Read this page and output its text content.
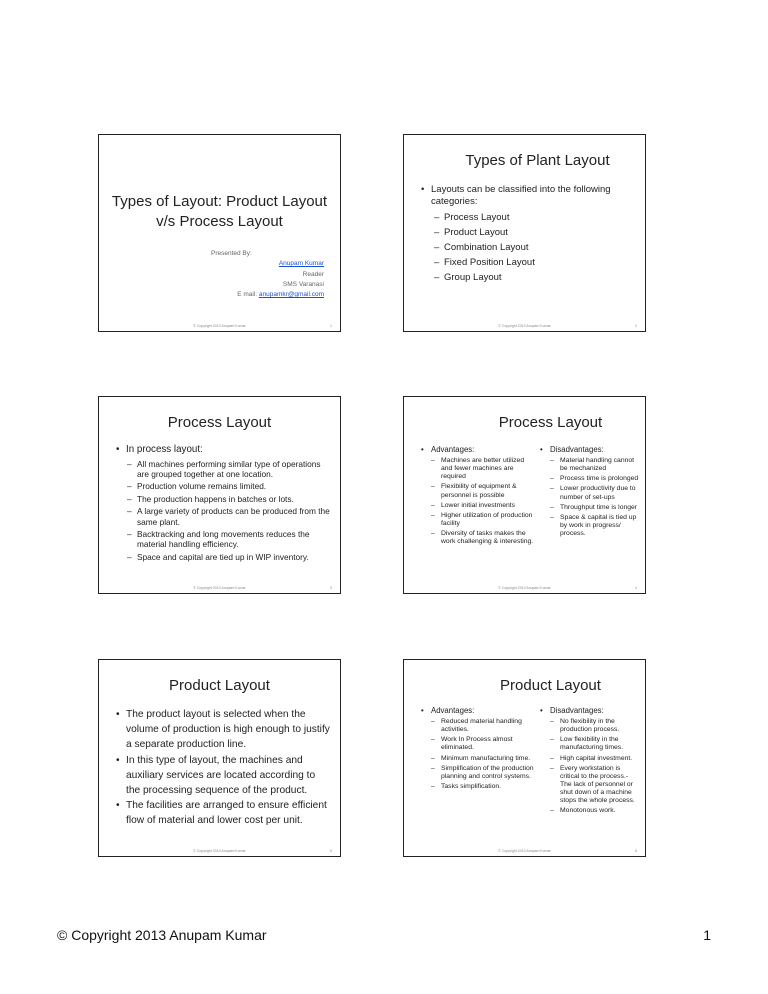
Types of Layout: Product Layout
v/s Process Layout
Presented By:
Anupam Kumar
Reader
SMS Varanasi
E mail: anupamkr@gmail.com
© Copyright 2013 Anupam Kumar	1
Types of Plant Layout
• Layouts can be classified into the following categories:
– Process Layout
– Product Layout
– Combination Layout
– Fixed Position Layout
– Group Layout
© Copyright 2013 Anupam Kumar	2
Process Layout
• In process layout:
– All machines performing similar type of operations are grouped together at one location.
– Production volume remains limited.
– The production happens in batches or lots.
– A large variety of products can be produced from the same plant.
– Backtracking and long movements reduces the material handling efficiency.
– Space and capital are tied up in WIP inventory.
© Copyright 2013 Anupam Kumar	3
Process Layout
• Advantages:
– Machines are better utilized and fewer machines are required
– Flexibility of equipment & personnel is possible
– Lower initial investments
– Higher utilization of production facility
– Diversity of tasks makes the work challenging & interesting.
• Disadvantages:
– Material handling cannot be mechanized
– Process time is prolonged
– Lower productivity due to number of set-ups
– Throughput time is longer
– Space & capital is tied up by work in progress/ process.
© Copyright 2013 Anupam Kumar	4
Product Layout
• The product layout is selected when the volume of production is high enough to justify a separate production line.
• In this type of layout, the machines and auxiliary services are located according to the processing sequence of the product.
• The facilities are arranged to ensure efficient flow of material and lower cost per unit.
© Copyright 2013 Anupam Kumar	5
Product Layout
• Advantages:
– Reduced material handling activities.
– Work In Process almost eliminated.
– Minimum manufacturing time.
– Simplification of the production planning and control systems.
– Tasks simplification.
• Disadvantages:
– No flexibility in the production process.
– Low flexibility in the manufacturing times.
– High capital investment.
– Every workstation is critical to the process.- The lack of personnel or shut down of a machine stops the whole process.
– Monotonous work.
© Copyright 2013 Anupam Kumar	6
© Copyright 2013 Anupam Kumar	1
